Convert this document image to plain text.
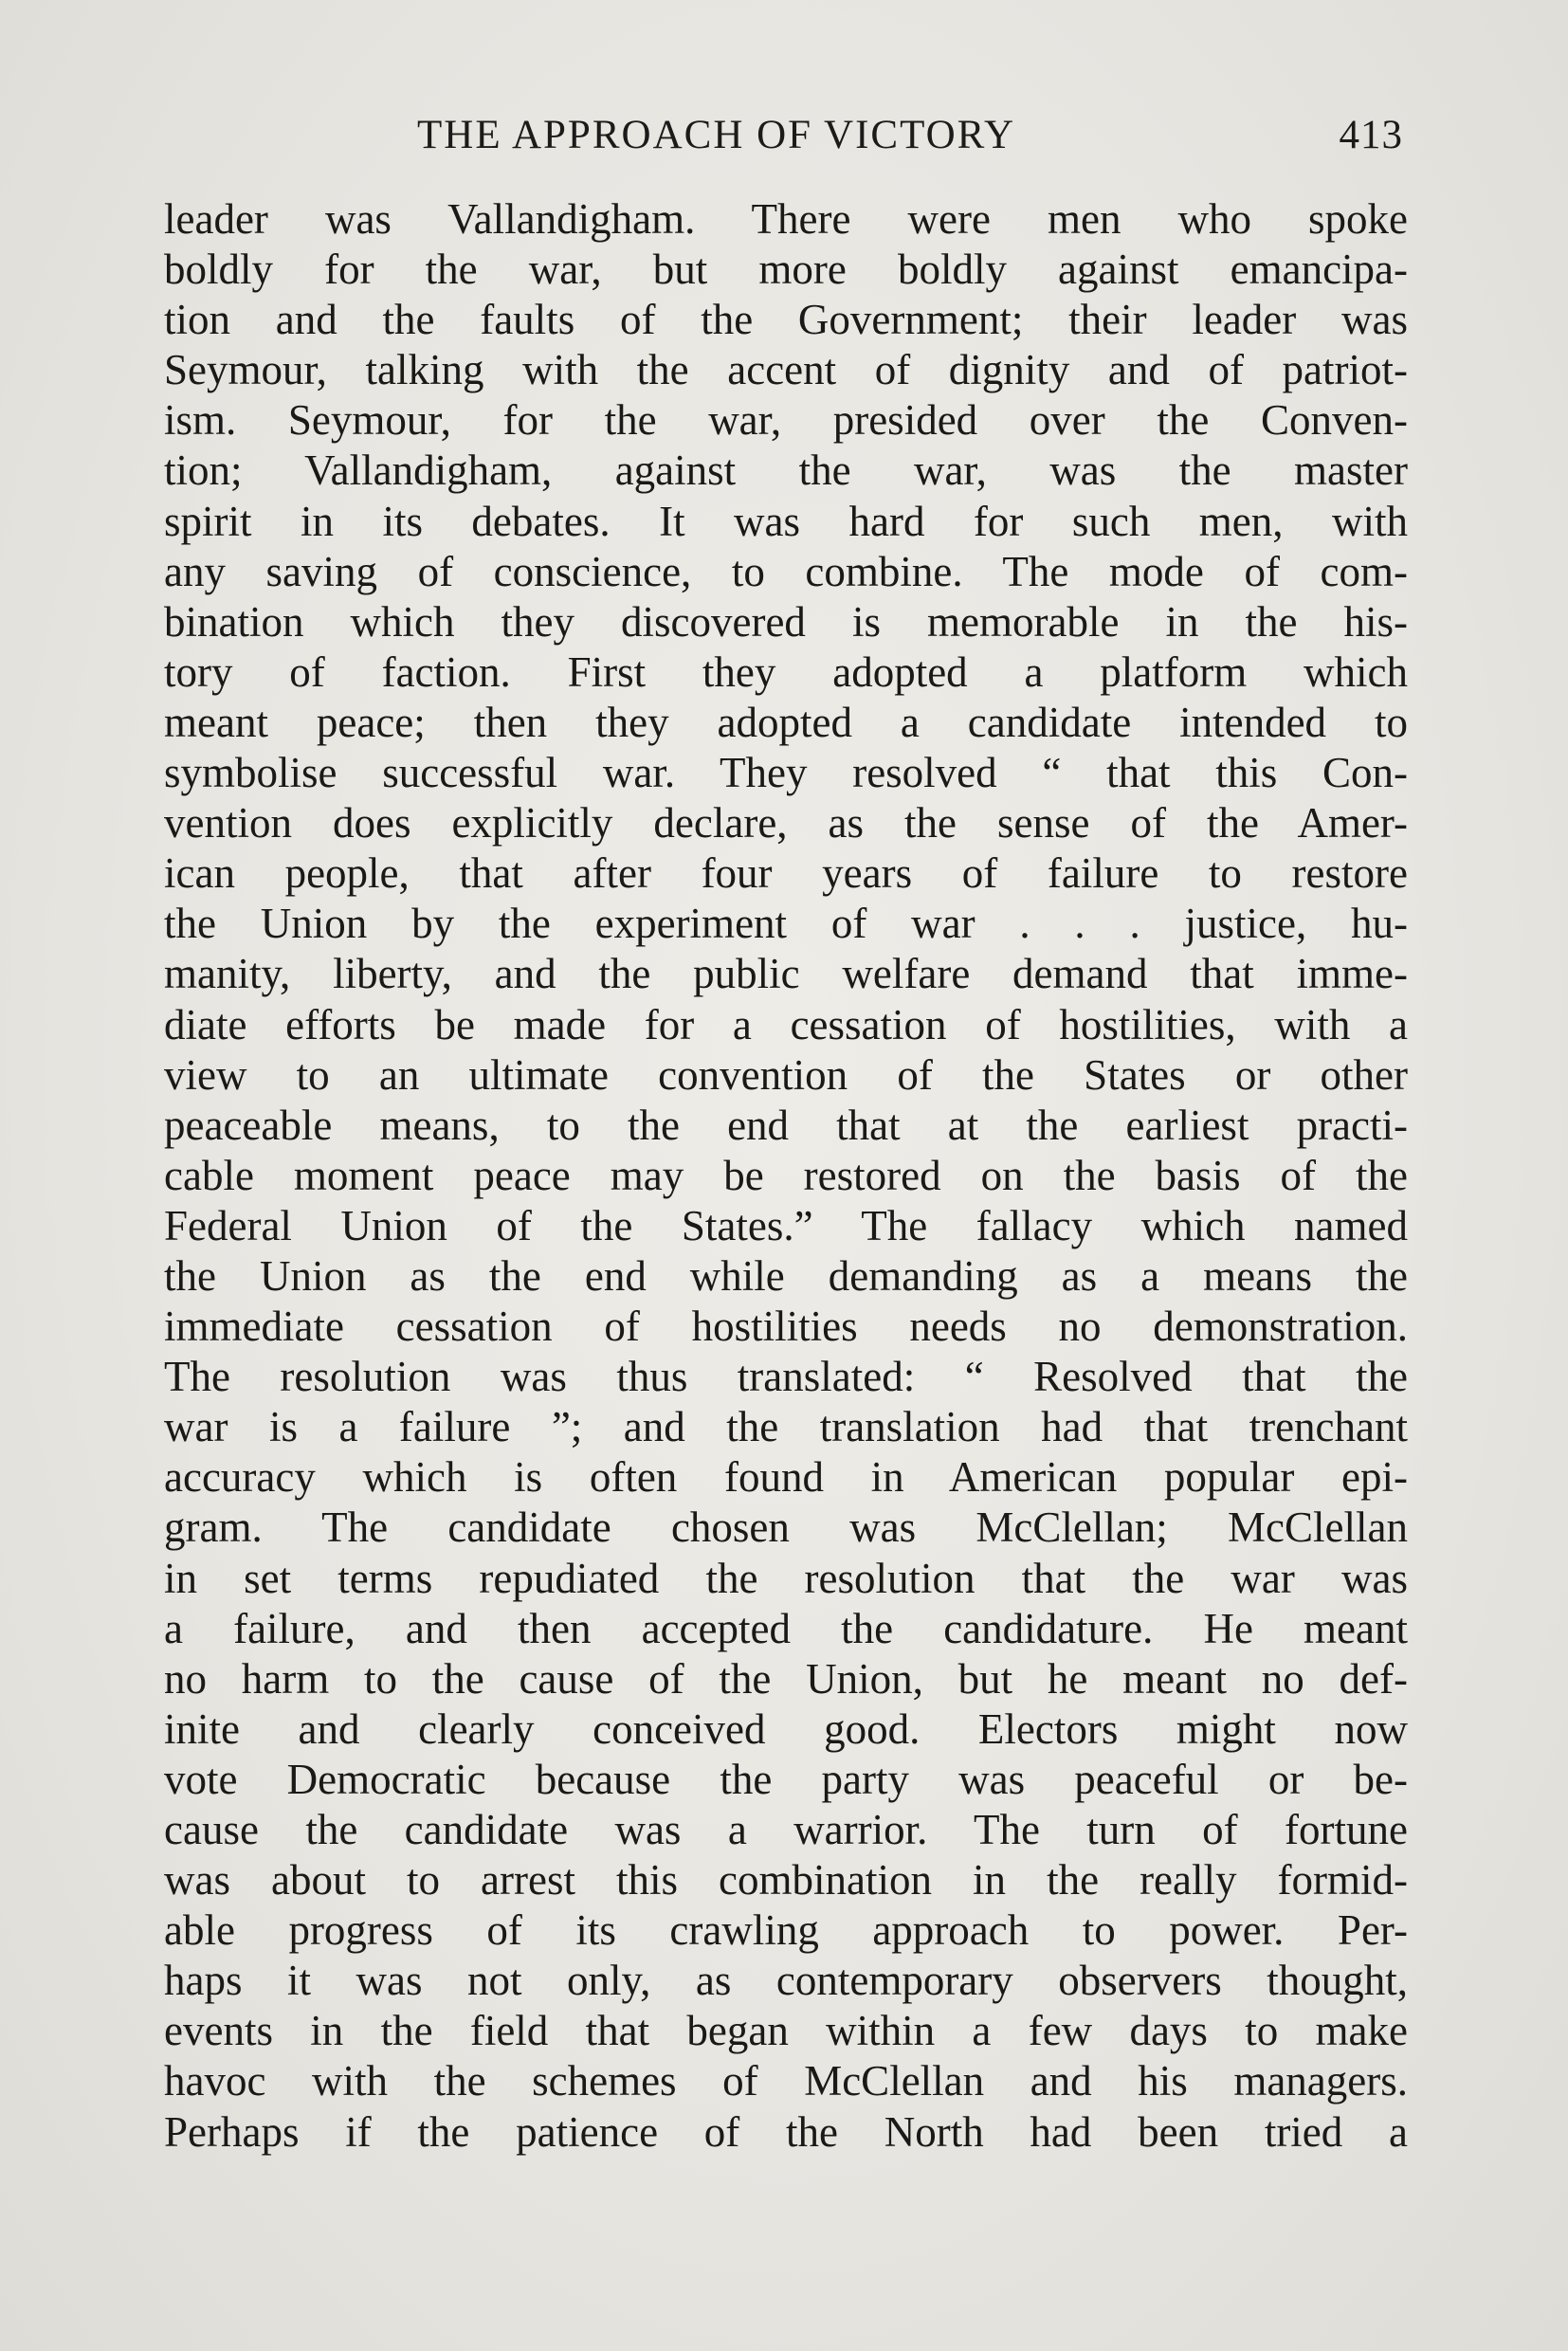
THE APPROACH OF VICTORY	413
leader was Vallandigham. There were men who spoke
boldly for the war, but more boldly against emancipa-
tion and the faults of the Government; their leader was
Seymour, talking with the accent of dignity and of patriot-
ism. Seymour, for the war, presided over the Conven-
tion; Vallandigham, against the war, was the master
spirit in its debates. It was hard for such men, with
any saving of conscience, to combine. The mode of com-
bination which they discovered is memorable in the his-
tory of faction. First they adopted a platform which
meant peace; then they adopted a candidate intended to
symbolise successful war. They resolved “ that this Con-
vention does explicitly declare, as the sense of the Amer-
ican people, that after four years of failure to restore
the Union by the experiment of war . . . justice, hu-
manity, liberty, and the public welfare demand that imme-
diate efforts be made for a cessation of hostilities, with a
view to an ultimate convention of the States or other
peaceable means, to the end that at the earliest practi-
cable moment peace may be restored on the basis of the
Federal Union of the States.” The fallacy which named
the Union as the end while demanding as a means the
immediate cessation of hostilities needs no demonstration.
The resolution was thus translated: “ Resolved that the
war is a failure ”; and the translation had that trenchant
accuracy which is often found in American popular epi-
gram. The candidate chosen was McClellan; McClellan
in set terms repudiated the resolution that the war was
a failure, and then accepted the candidature. He meant
no harm to the cause of the Union, but he meant no def-
inite and clearly conceived good. Electors might now
vote Democratic because the party was peaceful or be-
cause the candidate was a warrior. The turn of fortune
was about to arrest this combination in the really formid-
able progress of its crawling approach to power. Per-
haps it was not only, as contemporary observers thought,
events in the field that began within a few days to make
havoc with the schemes of McClellan and his managers.
Perhaps if the patience of the North had been tried a
